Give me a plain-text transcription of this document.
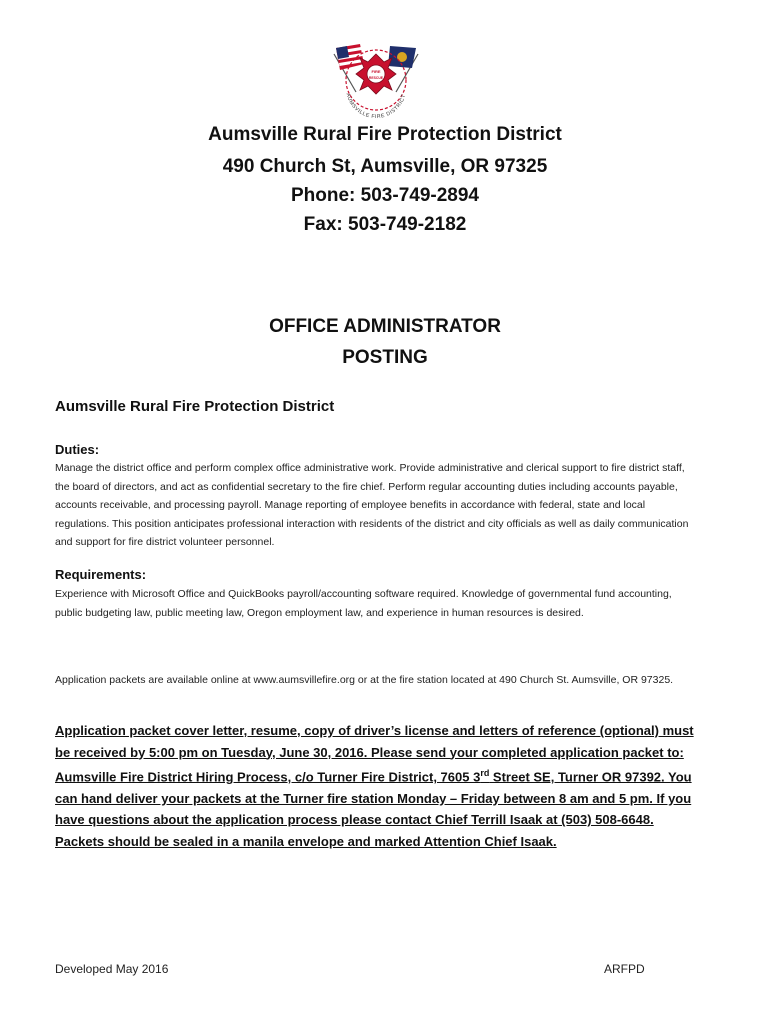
FIRE
RESCUE
AUMSVILLE FIRE DISTRICT
Aumsville Rural Fire Protection District
490 Church St, Aumsville, OR 97325
Phone: 503-749-2894
Fax: 503-749-2182
OFFICE ADMINISTRATOR
POSTING
Aumsville Rural Fire Protection District
Duties:
Manage the district office and perform complex office administrative work. Provide administrative and clerical support to fire district staff, the board of directors, and act as confidential secretary to the fire chief. Perform regular accounting duties including accounts payable, accounts receivable, and processing payroll. Manage reporting of employee benefits in accordance with federal, state and local regulations. This position anticipates professional interaction with residents of the district and city officials as well as daily communication and support for fire district volunteer personnel.
Requirements:
Experience with Microsoft Office and QuickBooks payroll/accounting software required. Knowledge of governmental fund accounting, public budgeting law, public meeting law, Oregon employment law, and experience in human resources is desired.
Application packets are available online at www.aumsvillefire.org or at the fire station located at 490 Church St. Aumsville, OR 97325.
Application packet cover letter, resume, copy of driver’s license and letters of reference (optional) must be received by 5:00 pm on Tuesday, June 30, 2016. Please send your completed application packet to: Aumsville Fire District Hiring Process, c/o Turner Fire District, 7605 3rd Street SE, Turner OR 97392. You can hand deliver your packets at the Turner fire station Monday – Friday between 8 am and 5 pm. If you have questions about the application process please contact Chief Terrill Isaak at (503) 508-6648. Packets should be sealed in a manila envelope and marked Attention Chief Isaak.
Developed May 2016	ARFPD
